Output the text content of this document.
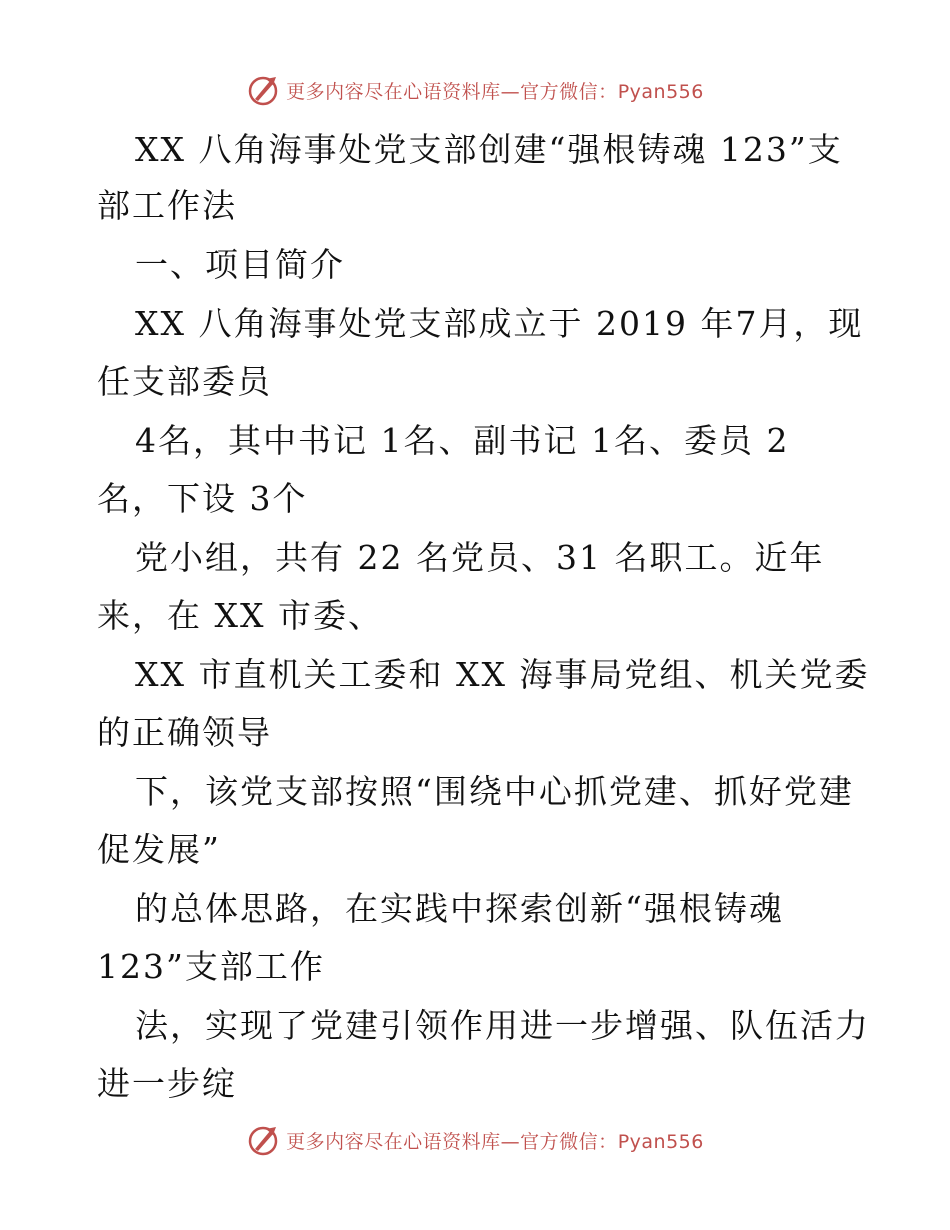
更多内容尽在心语资料库—官方微信：Pyan556
XX 八角海事处党支部创建“强根铸魂 123”支
部工作法
一、项目简介
XX 八角海事处党支部成立于 2019 年7月，现
任支部委员
4名，其中书记 1名、副书记 1名、委员 2
名，下设 3个
党小组，共有 22 名党员、31 名职工。近年
来，在 XX 市委、
XX 市直机关工委和 XX 海事局党组、机关党委
的正确领导
下，该党支部按照“围绕中心抓党建、抓好党建
促发展”
的总体思路，在实践中探索创新“强根铸魂
123”支部工作
法，实现了党建引领作用进一步增强、队伍活力
进一步绽
更多内容尽在心语资料库—官方微信：Pyan556
